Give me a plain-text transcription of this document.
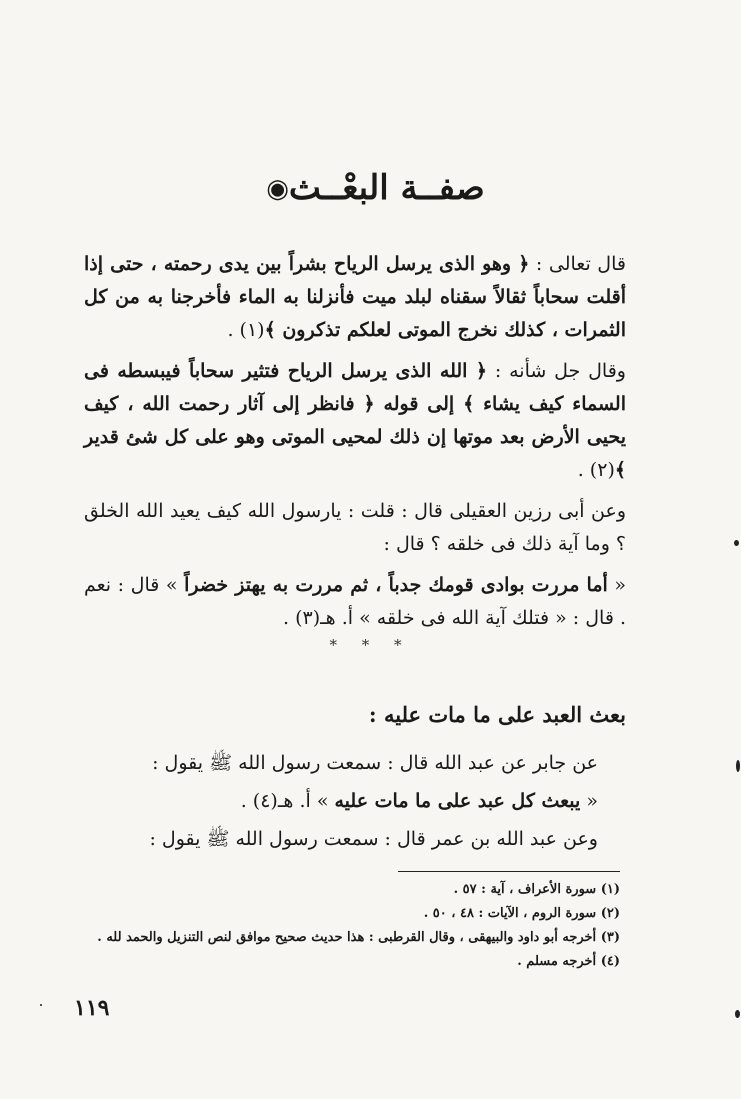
صفــة البعْــث◉

قال تعالى : ﴿ وهو الذى يرسل الرياح بشراً بين يدى رحمته ، حتى إذا أقلت سحاباً ثقالاً سقناه لبلد ميت فأنزلنا به الماء فأخرجنا به من كل الثمرات ، كذلك نخرج الموتى لعلكم تذكرون ﴾(١) .

وقال جل شأنه : ﴿ الله الذى يرسل الرياح فتثير سحاباً فيبسطه فى السماء كيف يشاء ﴾ إلى قوله ﴿ فانظر إلى آثار رحمت الله ، كيف يحيى الأرض بعد موتها إن ذلك لمحيى الموتى وهو على كل شئ قدير ﴾(٢) .

وعن أبى رزين العقيلى قال : قلت : يارسول الله كيف يعيد الله الخلق ؟ وما آية ذلك فى خلقه ؟ قال :

« أما مررت بوادى قومك جدباً ، ثم مررت به يهتز خضراً » قال : نعم . قال : « فتلك آية الله فى خلقه » أ. هـ(٣) .

* * *
بعث العبد على ما مات عليه :
عن جابر عن عبد الله قال : سمعت رسول الله ﷺ يقول :
« يبعث كل عبد على ما مات عليه » أ. هـ(٤) .
وعن عبد الله بن عمر قال : سمعت رسول الله ﷺ يقول :
(١) سورة الأعراف ، آية : ٥٧ .
(٢) سورة الروم ، الآيات : ٤٨ ، ٥٠ .
(٣) أخرجه أبو داود والبيهقى ، وقال القرطبى : هذا حديث صحيح موافق لنص التنزيل والحمد لله .
(٤) أخرجه مسلم .
١١٩
